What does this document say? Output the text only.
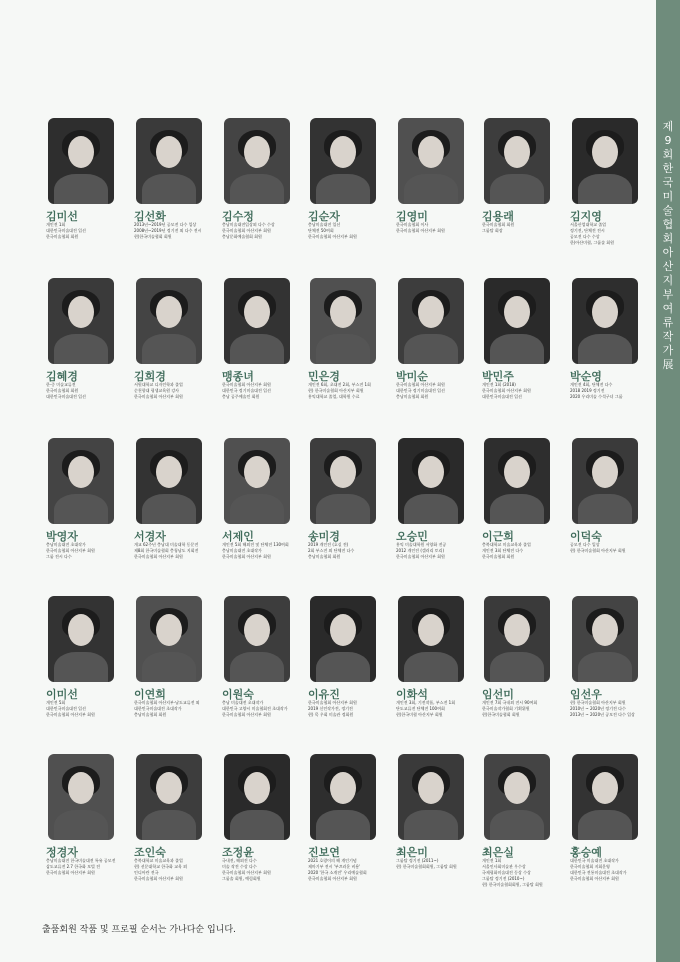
제9회 한국미술협회 아산지부 여류작가展
김미선
개인전 1회
대한민국미술대전 입선
한국미술협회 회원
김선화
2013년~2019년 공모전 다수 입상
2008년~2019년 정기전 외 다수 전시
현)한국미술협회 회원
김수정
충남미술대전입상외 다수 수상
한국미술협회 아산지부 회원
충남문화예술협회 회원
김순자
충남미술대전 입선
단체전 50여회
한국미술협회 아산지부 회원
김영미
한국미술협회 이사
한국미술협회 아산지부 회원
김용래
한국미술협회 회원
그룹탈 회장
김지영
서울산업대학교 졸업
정기전, 단체전 전시
공모전 다수 수상
한)아산미협, 그룹솔 회원
김혜경
한·중 미술교류전
한국미술협회 회원
대한민국미술대전 입선
김희경
서원대학교 디자인학과 졸업
순천향대 평생교육원 강사
한국미술협회 아산지부 회원
맹종녀
한국미술협회 아산지부 회원
대한민국 정기미술대전 입선
충남 공주예술인 회원
민은경
개인전 6회, 초대전 2회, 부스전 1회
현) 한국미술협회 아산지부 회원
홍익대학교 졸업, 대학원 수료
박미순
한국미술협회 아산지부 회원
대한민국 정기미술대전 입선
충남미술협회 회원
박민주
개인전 1회 (2018)
한국미술협회 아산지부 회원
대한민국미술대전 입선
박순영
개인전 4회, 단체전 다수
2018 2019 정기전
2020 우리미술 수석구녀 그룹
박영자
충남미술대전 초대작가
한국미술협회 아산지부 회원
그룹 전시 다수
서경자
개교 62주년 충남대 미술대학 동문전
제8회 한국미술협회 충청남도 지회전
한국미술협회 아산지부 회원
서제인
개인전 5회 해외전 및 단체전 130여회
충남미술대전 초대작가
한국미술협회 아산지부 회원
송미경
2019 개인전 (호실 전)
2회 부스전 외 단체전 다수
충남미술협회 회원
오승민
홍익 미술대학원 서양화 전공
2012 개인전 (갤러리 토리)
한국미술협회 아산지부 회원
이근희
충북대학교 미술교육과 졸업
개인전 3회 단체전 다수
한국미술협회 회원
이덕숙
공모전 다수 입상
현) 한국미술협회 아산지부 회원
이미선
개인전 5회
대한민국미술대전 입선
한국미술협회 아산지부 회원
이연희
한국미술협회 아산지부·남도교류전 외
대한민국미술대전 초대작가
충남미술협회 회원
이원숙
충남 미술대전 초대작가
대한민국 고양시 미술협회전 초대작가
한국미술협회 아산지부 회원
이유진
한국미술협회 아산지부 회원
2019 신인작가전, 정기전
현) 목 우회 미술관 정회원
이화석
개인전 3회, 기전작품, 부스전 1회
단도교류전 단체전 100여회
현)한국미협 아산지부 회원
임선미
개인전 7회 국내외 전시 90여회
한국미술작가협회 기획위원
현)한국미술협회 회원
임선우
현) 한국미술협회 아산지부 회원
2010년 ~ 2020년 정기전 다수
2013년 ~ 2020년 공모전 다수 입상
정경자
충남미술대전 한국미술대전 특유 공모전
삼도교류전 2.7 한국화 모빌 전
한국미술협회 아산지부 회원
조인숙
충북대학교 미술교육과 졸업
현) 선문대학교 한국화 교육 외
인디아란 전국
한국미술협회 아산지부 회원
조정윤
국내전, 해외전 다수
미술 작전 수상 다수
한국미술협회 아산지부 회원
그룹솔 회원, 예림회원
진보연
2021 호랑이의 해 개인기념
제마기부 전시 '부끄러운 비용'
2020 '한국 소개전' 우리예술협회
한국미술협회 아산지부 회원
최은미
그룹탈 정기전 (2011~)
현) 한국미술협회회원, 그룹탈 회원
최은실
개인전 1회
서울인사회미술관 우수상
국제평화미술대전 동상 수상
그룹탈 정기전 (2010~)
현) 한국미술협회회원, 그룹탈 회원
홍승예
대한민국 미술대전 초대작가
한국미술협회 지회운영
대한민국 전통미술대전 초대작가
한국미술협회 아산지부 회원
출품회원 작품 및 프로필 순서는 가나다순 입니다.
